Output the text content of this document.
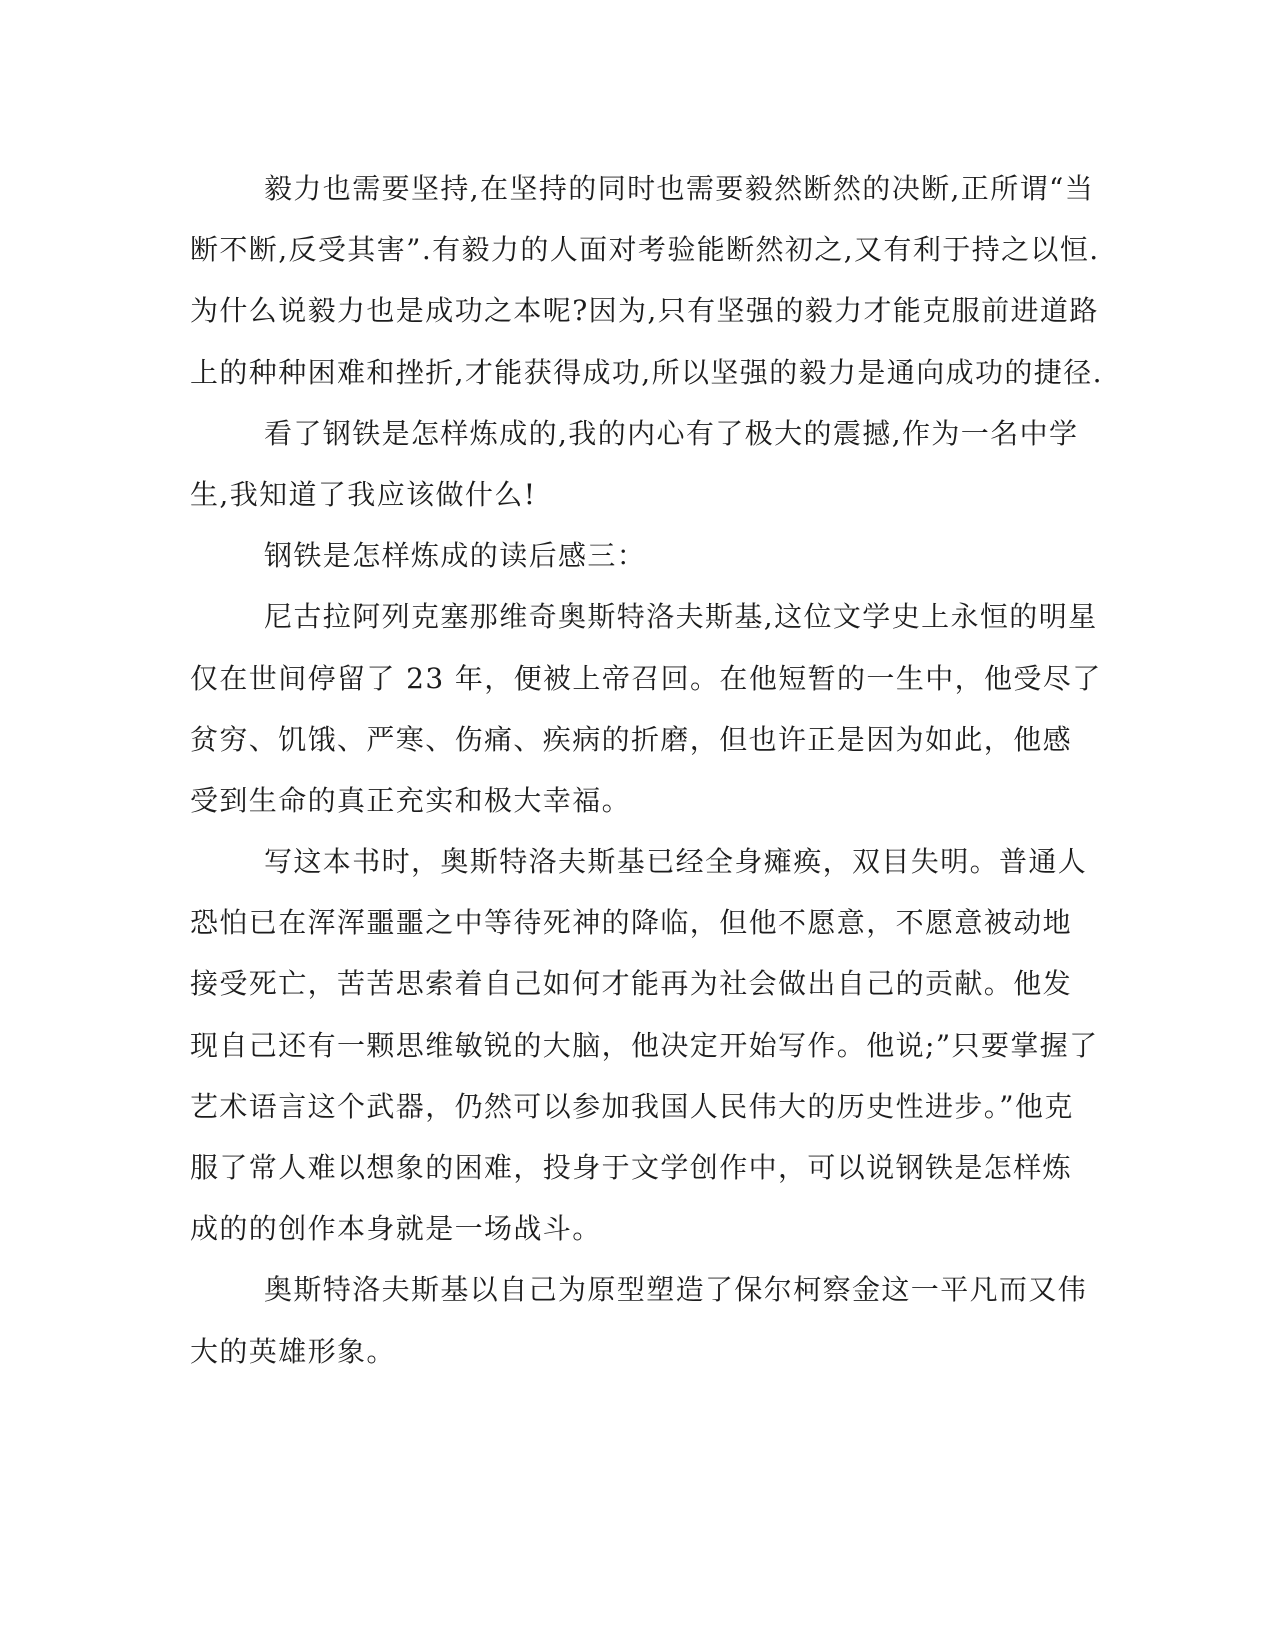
毅力也需要坚持,在坚持的同时也需要毅然断然的决断,正所谓“当
断不断,反受其害”.有毅力的人面对考验能断然初之,又有利于持之以恒.
为什么说毅力也是成功之本呢?因为,只有坚强的毅力才能克服前进道路
上的种种困难和挫折,才能获得成功,所以坚强的毅力是通向成功的捷径.
看了钢铁是怎样炼成的,我的内心有了极大的震撼,作为一名中学
生,我知道了我应该做什么!
钢铁是怎样炼成的读后感三：
尼古拉阿列克塞那维奇奥斯特洛夫斯基,这位文学史上永恒的明星
仅在世间停留了 23 年，便被上帝召回。在他短暂的一生中，他受尽了
贫穷、饥饿、严寒、伤痛、疾病的折磨，但也许正是因为如此，他感
受到生命的真正充实和极大幸福。
写这本书时，奥斯特洛夫斯基已经全身瘫痪，双目失明。普通人
恐怕已在浑浑噩噩之中等待死神的降临，但他不愿意，不愿意被动地
接受死亡，苦苦思索着自己如何才能再为社会做出自己的贡献。他发
现自己还有一颗思维敏锐的大脑，他决定开始写作。他说;”只要掌握了
艺术语言这个武器，仍然可以参加我国人民伟大的历史性进步。”他克
服了常人难以想象的困难，投身于文学创作中，可以说钢铁是怎样炼
成的的创作本身就是一场战斗。
奥斯特洛夫斯基以自己为原型塑造了保尔柯察金这一平凡而又伟
大的英雄形象。
